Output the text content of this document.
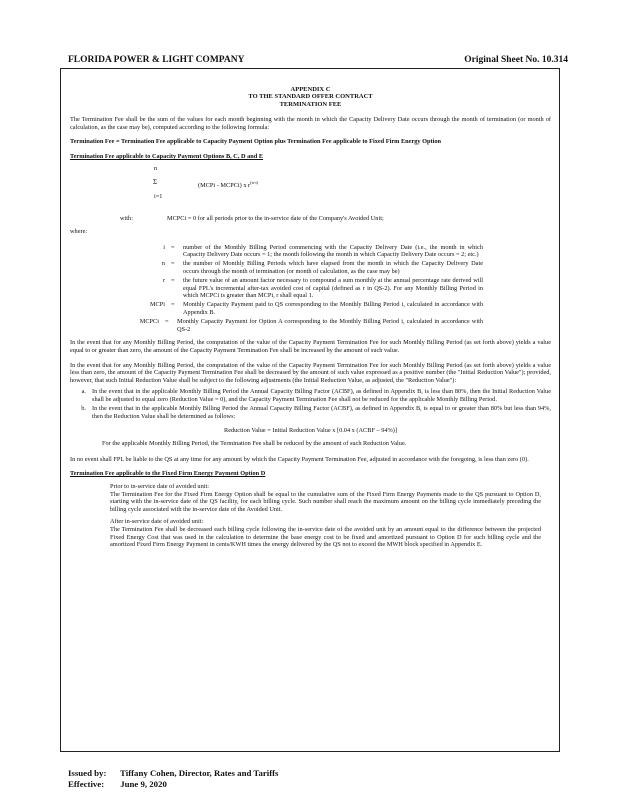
FLORIDA POWER & LIGHT COMPANY	Original Sheet No. 10.314
APPENDIX C
TO THE STANDARD OFFER CONTRACT
TERMINATION FEE

The Termination Fee shall be the sum of the values for each month beginning with the month in which the Capacity Delivery Date occurs through the month of termination (or month of calculation, as the case may be), computed according to the following formula:

Termination Fee = Termination Fee applicable to Capacity Payment Option plus Termination Fee applicable to Fixed Firm Energy Option

Termination Fee applicable to Capacity Payment Options B, C, D and E

n
Σ
i=1
(MCPi - MCPCi) x $r^{(n-i)}$
with:	MCPCi = 0 for all periods prior to the in-service date of the Company's Avoided Unit;
where:
i =	number of the Monthly Billing Period commencing with the Capacity Delivery Date (i.e., the month in which Capacity Delivery Date occurs = 1; the month following the month in which Capacity Delivery Date occurs = 2; etc.)
n =	the number of Monthly Billing Periods which have elapsed from the month in which the Capacity Delivery Date occurs through the month of termination (or month of calculation, as the case may be)
r =	the future value of an amount factor necessary to compound a sum monthly at the annual percentage rate derived will equal FPL's incremental after-tax avoided cost of capital (defined as r in QS-2). For any Monthly Billing Period in which MCPCi is greater than MCPi, r shall equal 1.
MCPi =	Monthly Capacity Payment paid to QS corresponding to the Monthly Billing Period i, calculated in accordance with Appendix B.
MCPCi =	Monthly Capacity Payment for Option A corresponding to the Monthly Billing Period i, calculated in accordance with QS-2

In the event that for any Monthly Billing Period, the computation of the value of the Capacity Payment Termination Fee for such Monthly Billing Period (as set forth above) yields a value equal to or greater than zero, the amount of the Capacity Payment Termination Fee shall be increased by the amount of such value.

In the event that for any Monthly Billing Period, the computation of the value of the Capacity Payment Termination Fee for such Monthly Billing Period (as set forth above) yields a value less than zero, the amount of the Capacity Payment Termination Fee shall be decreased by the amount of such value expressed as a positive number (the "Initial Reduction Value"); provided, however, that such Initial Reduction Value shall be subject to the following adjustments (the Initial Reduction Value, as adjusted, the "Reduction Value"):

a. In the event that in the applicable Monthly Billing Period the Annual Capacity Billing Factor (ACBF), as defined in Appendix B, is less than 80%, then the Initial Reduction Value shall be adjusted to equal zero (Reduction Value = 0), and the Capacity Payment Termination Fee shall not be reduced for the applicable Monthly Billing Period.
b. In the event that in the applicable Monthly Billing Period the Annual Capacity Billing Factor (ACBF), as defined in Appendix B, is equal to or greater than 80% but less than 94%, then the Reduction Value shall be determined as follows:
Reduction Value = Initial Reduction Value x [0.04 x (ACBF – 94%)]

For the applicable Monthly Billing Period, the Termination Fee shall be reduced by the amount of such Reduction Value.

In no event shall FPL be liable to the QS at any time for any amount by which the Capacity Payment Termination Fee, adjusted in accordance with the foregoing, is less than zero (0).

Termination Fee applicable to the Fixed Firm Energy Payment Option D

Prior to in-service date of avoided unit:

The Termination Fee for the Fixed Firm Energy Option shall be equal to the cumulative sum of the Fixed Firm Energy Payments made to the QS pursuant to Option D, starting with the in-service date of the QS facility, for each billing cycle. Such number shall reach the maximum amount on the billing cycle immediately preceding the billing cycle associated with the in-service date of the Avoided Unit.

After in-service date of avoided unit:

The Termination Fee shall be decreased each billing cycle following the in-service date of the avoided unit by an amount equal to the difference between the projected Fixed Energy Cost that was used in the calculation to determine the base energy cost to be fixed and amortized pursuant to Option D for such billing cycle and the amortized Fixed Firm Energy Payment in cents/KWH times the energy delivered by the QS not to exceed the MWH block specified in Appendix E.

Issued by: Tiffany Cohen, Director, Rates and Tariffs
Effective: June 9, 2020
